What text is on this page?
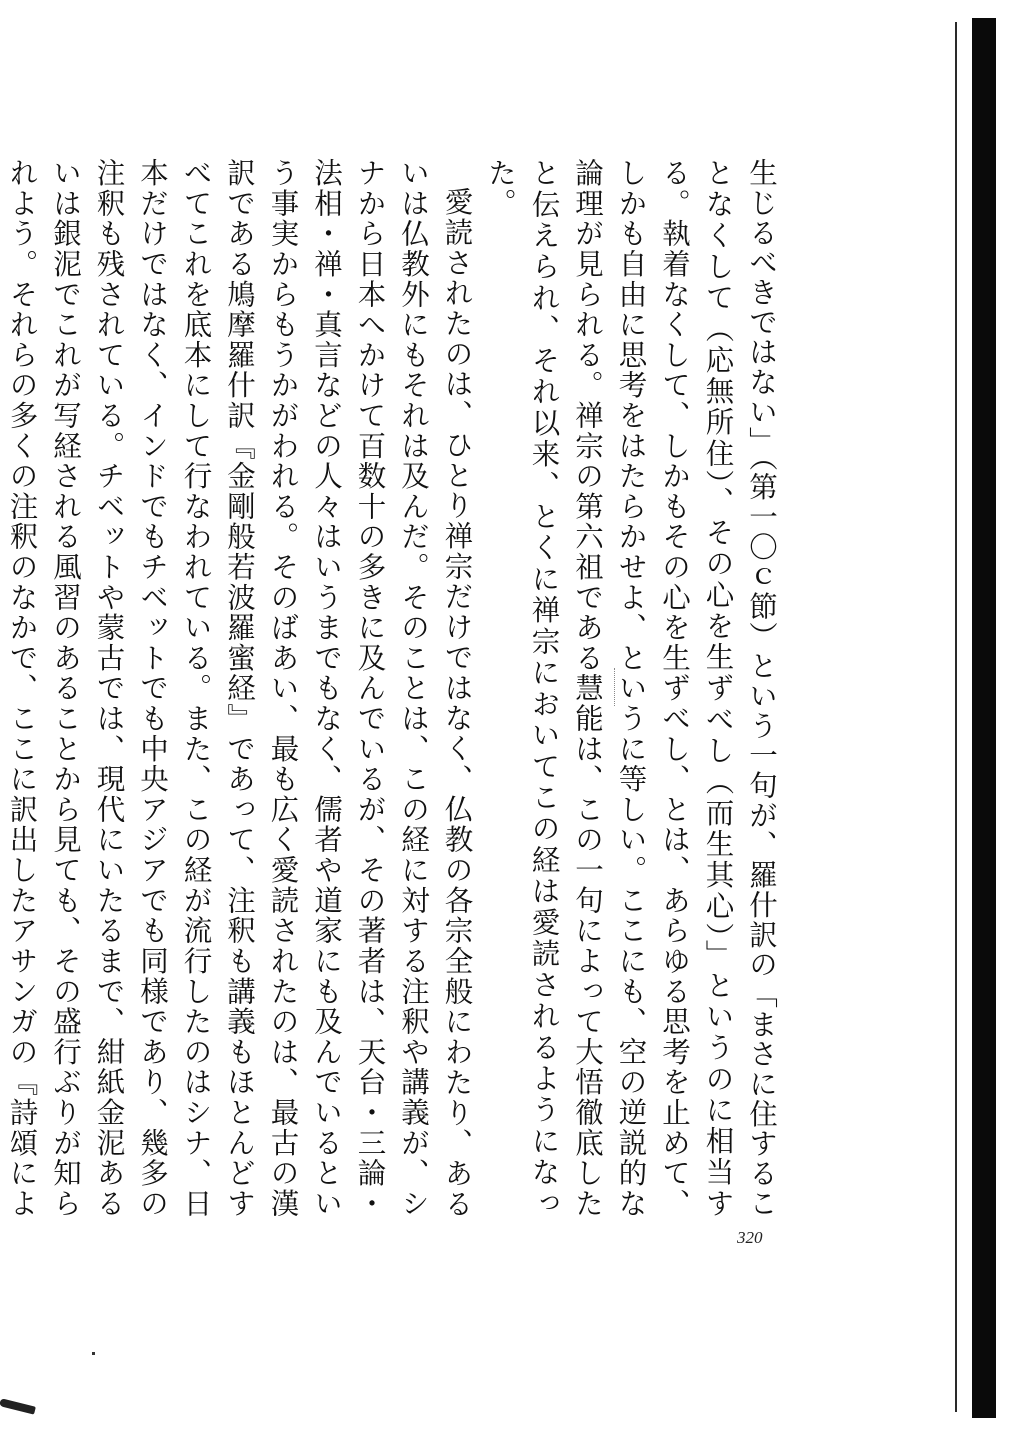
生じるべきではない」（第一〇ｃ節）という一句が、羅什訳の「まさに住することなくして（応無所住）、その心を生ずべし（而生其心）」というのに相当する。執着なくして、しかもその心を生ずべし、とは、あらゆる思考を止めて、しかも自由に思考をはたらかせよ、というに等しい。ここにも、空の逆説的な論理が見られる。禅宗の第六祖である慧能は、この一句によって大悟徹底したと伝えられ、それ以来、とくに禅宗においてこの経は愛読されるようになった。

愛読されたのは、ひとり禅宗だけではなく、仏教の各宗全般にわたり、あるいは仏教外にもそれは及んだ。そのことは、この経に対する注釈や講義が、シナから日本へかけて百数十の多きに及んでいるが、その著者は、天台・三論・法相・禅・真言などの人々はいうまでもなく、儒者や道家にも及んでいるという事実からもうかがわれる。そのばあい、最も広く愛読されたのは、最古の漢訳である鳩摩羅什訳『金剛般若波羅蜜経』であって、注釈も講義もほとんどすべてこれを底本にして行なわれている。また、この経が流行したのはシナ、日本だけではなく、インドでもチベットでも中央アジアでも同様であり、幾多の注釈も残されている。チベットや蒙古では、現代にいたるまで、紺紙金泥あるいは銀泥でこれが写経される風習のあることから見ても、その盛行ぶりが知られよう。それらの多くの注釈のなかで、ここに訳出したアサンガの『詩頌によ

320
